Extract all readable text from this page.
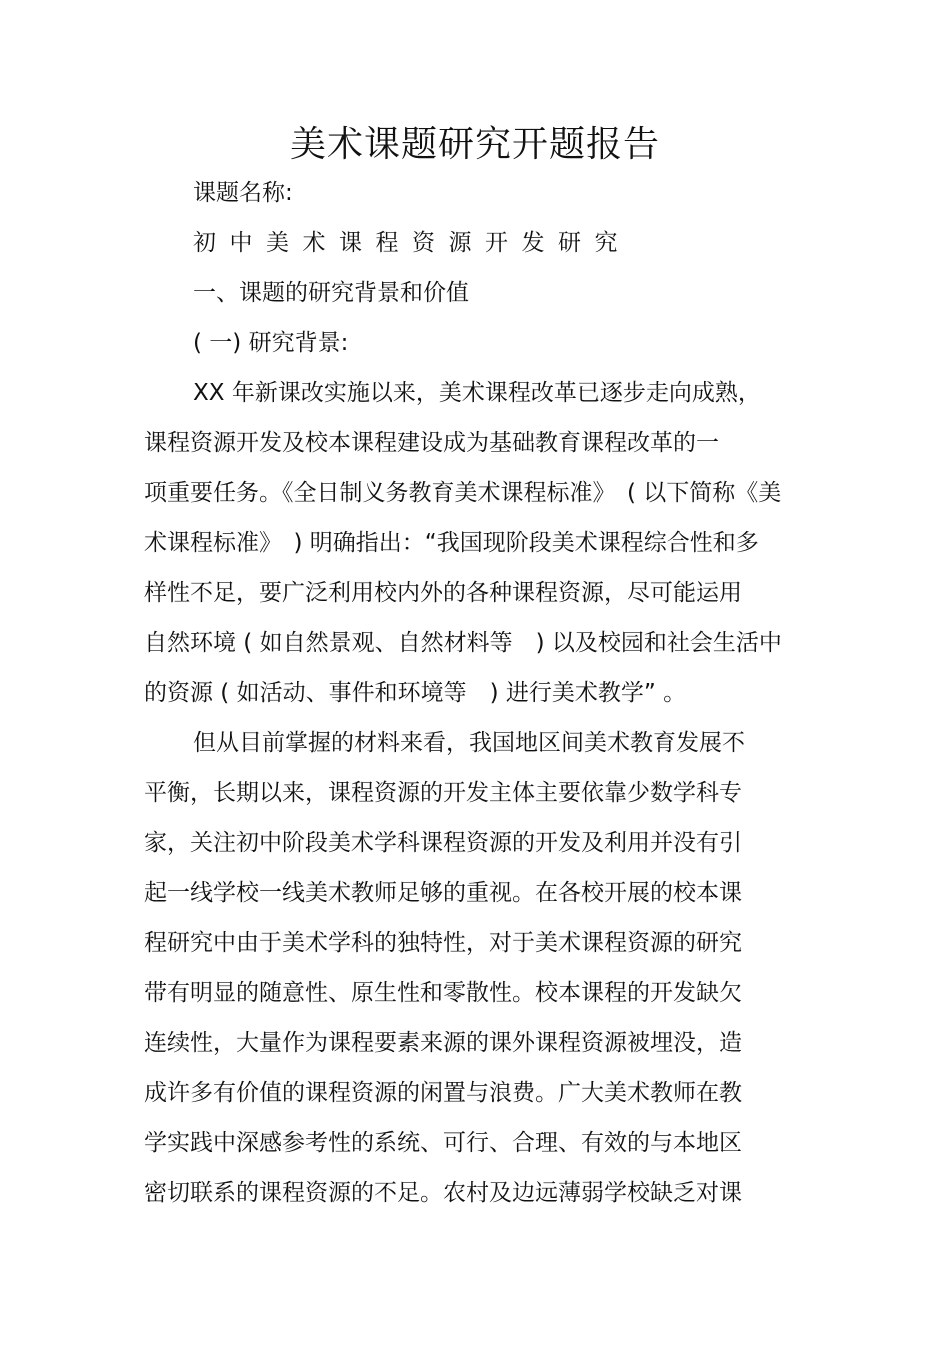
美术课题研究开题报告
课题名称:
初中美术课程资源开发研究
一、课题的研究背景和价值
( 一) 研究背景:
XX 年新课改实施以来，美术课程改革已逐步走向成熟，
课程资源开发及校本课程建设成为基础教育课程改革的一
项重要任务。《全日制义务教育美术课程标准》　( 以下简称《美
术课程标准》　) 明确指出：“我国现阶段美术课程综合性和多
样性不足，要广泛利用校内外的各种课程资源，尽可能运用
自然环境 ( 如自然景观、自然材料等　) 以及校园和社会生活中
的资源 ( 如活动、事件和环境等　) 进行美术教学” 。
但从目前掌握的材料来看，我国地区间美术教育发展不
平衡，长期以来，课程资源的开发主体主要依靠少数学科专
家，关注初中阶段美术学科课程资源的开发及利用并没有引
起一线学校一线美术教师足够的重视。在各校开展的校本课
程研究中由于美术学科的独特性，对于美术课程资源的研究
带有明显的随意性、原生性和零散性。校本课程的开发缺欠
连续性，大量作为课程要素来源的课外课程资源被埋没，造
成许多有价值的课程资源的闲置与浪费。广大美术教师在教
学实践中深感参考性的系统、可行、合理、有效的与本地区
密切联系的课程资源的不足。农村及边远薄弱学校缺乏对课
